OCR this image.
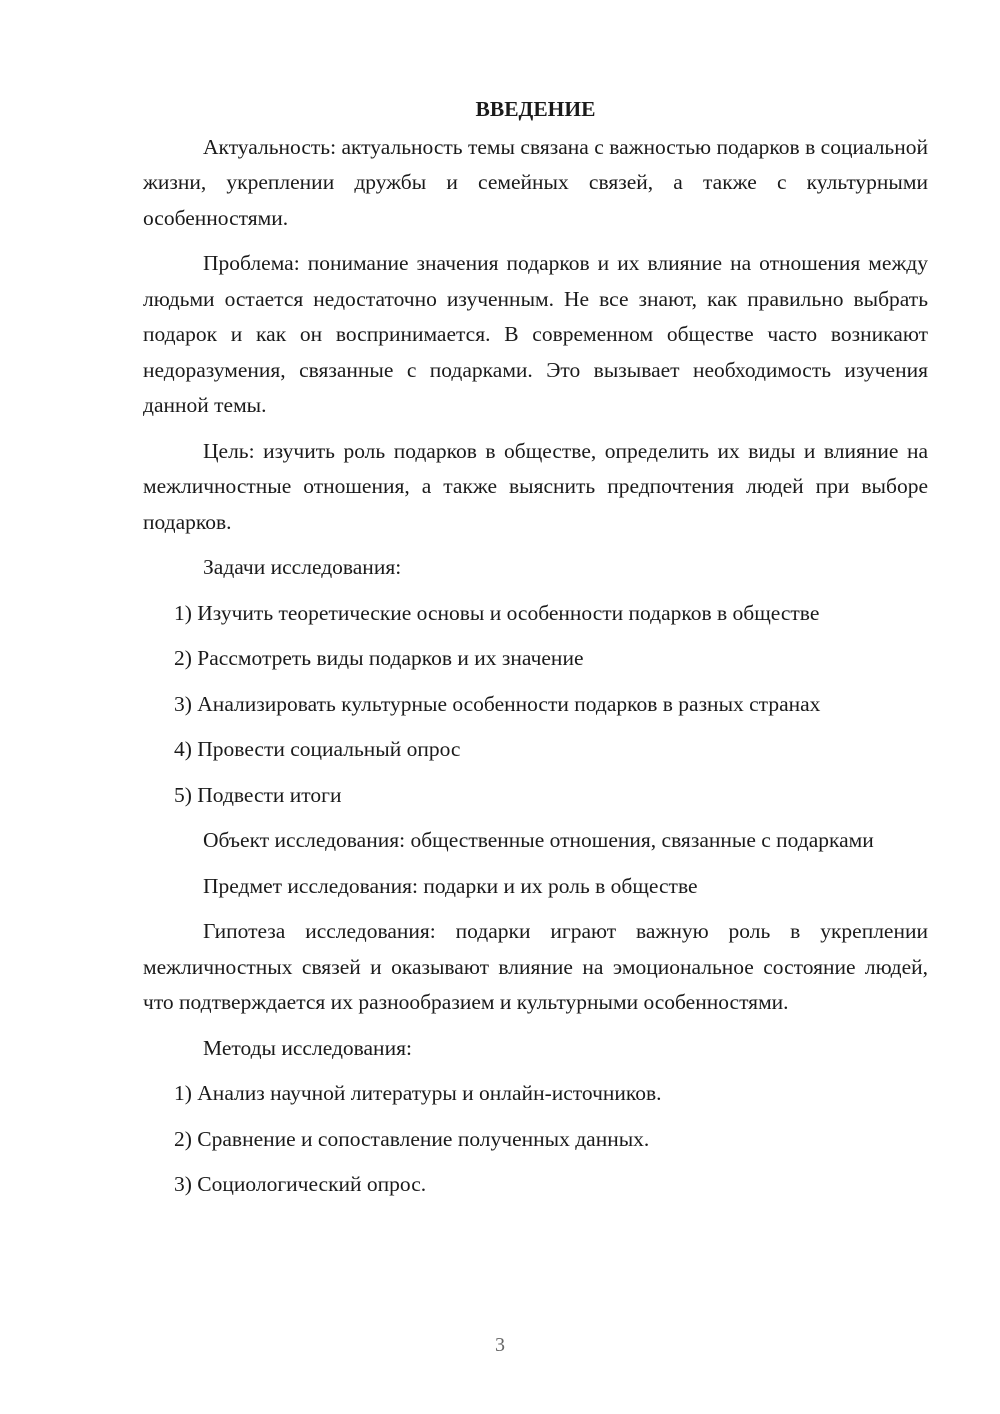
ВВЕДЕНИЕ

Актуальность: актуальность темы связана с важностью подарков в социальной жизни, укреплении дружбы и семейных связей, а также с культурными особенностями.

Проблема: понимание значения подарков и их влияние на отношения между людьми остается недостаточно изученным. Не все знают, как правильно выбрать подарок и как он воспринимается. В современном обществе часто возникают недоразумения, связанные с подарками. Это вызывает необходимость изучения данной темы.

Цель: изучить роль подарков в обществе, определить их виды и влияние на межличностные отношения, а также выяснить предпочтения людей при выборе подарков.

Задачи исследования:

1) Изучить теоретические основы и особенности подарков в обществе
2) Рассмотреть виды подарков и их значение
3) Анализировать культурные особенности подарков в разных странах
4) Провести социальный опрос
5) Подвести итоги

Объект исследования: общественные отношения, связанные с подарками

Предмет исследования: подарки и их роль в обществе

Гипотеза исследования: подарки играют важную роль в укреплении межличностных связей и оказывают влияние на эмоциональное состояние людей, что подтверждается их разнообразием и культурными особенностями.

Методы исследования:

1) Анализ научной литературы и онлайн-источников.
2) Сравнение и сопоставление полученных данных.
3) Социологический опрос.
3
